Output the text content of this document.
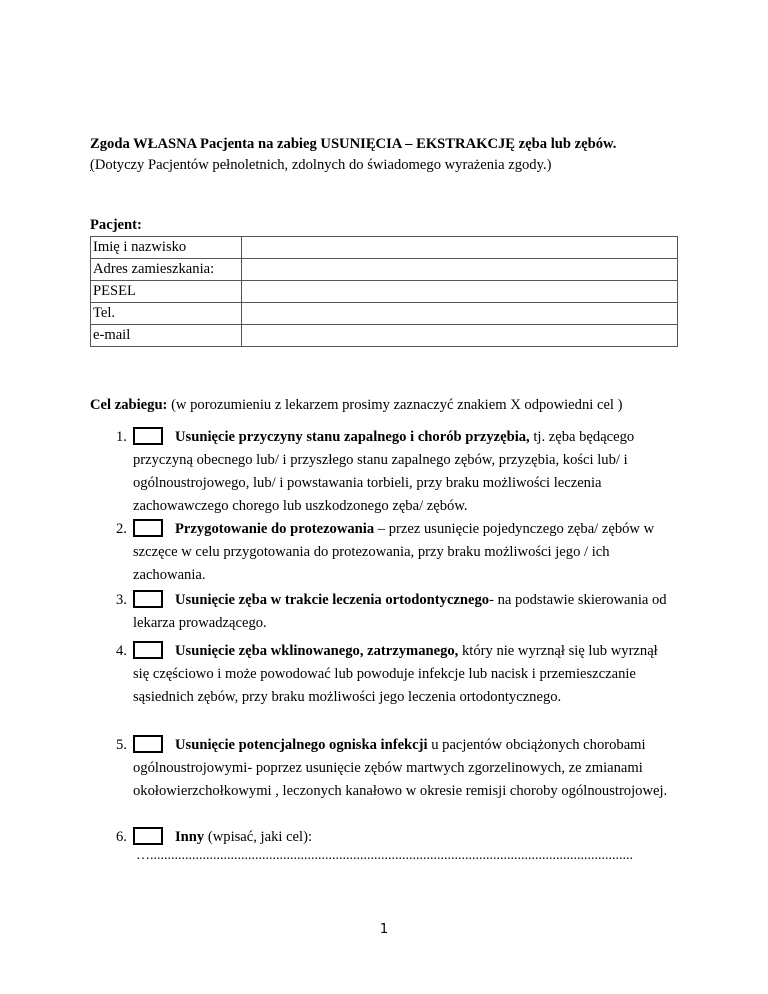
Zgoda WŁASNA Pacjenta na zabieg USUNIĘCIA – EKSTRAKCJĘ zęba lub zębów.
(Dotyczy Pacjentów pełnoletnich, zdolnych do świadomego wyrażenia zgody.)
Pacjent:
Imię i nazwisko	
Adres zamieszkania:	
PESEL	
Tel.	
e-mail	
Cel zabiegu: (w porozumieniu z lekarzem prosimy zaznaczyć znakiem X odpowiedni cel )
1.	Usunięcie przyczyny stanu zapalnego i chorób przyzębia, tj. zęba będącego przyczyną obecnego lub/ i przyszłego stanu zapalnego zębów, przyzębia, kości lub/ i ogólnoustrojowego, lub/ i powstawania torbieli, przy braku możliwości leczenia zachowawczego chorego lub uszkodzonego zęba/ zębów.
2.	Przygotowanie do protezowania – przez usunięcie pojedynczego zęba/ zębów w szczęce w celu przygotowania do protezowania, przy braku możliwości jego / ich zachowania.
3.	Usunięcie zęba w trakcie leczenia ortodontycznego- na podstawie skierowania od lekarza prowadzącego.
4.	Usunięcie zęba wklinowanego, zatrzymanego, który nie wyrznął się lub wyrznął się częściowo i może powodować lub powoduje infekcje lub nacisk i przemieszczanie sąsiednich zębów, przy braku możliwości jego leczenia ortodontycznego.
5.	Usunięcie potencjalnego ogniska infekcji u pacjentów obciążonych chorobami ogólnoustrojowymi- poprzez usunięcie zębów martwych zgorzelinowych, ze zmianami okołowierzchołkowymi , leczonych kanałowo w okresie remisji choroby ogólnoustrojowej.
6.	Inny (wpisać, jaki cel):
…..........................................................................................................................................
1
